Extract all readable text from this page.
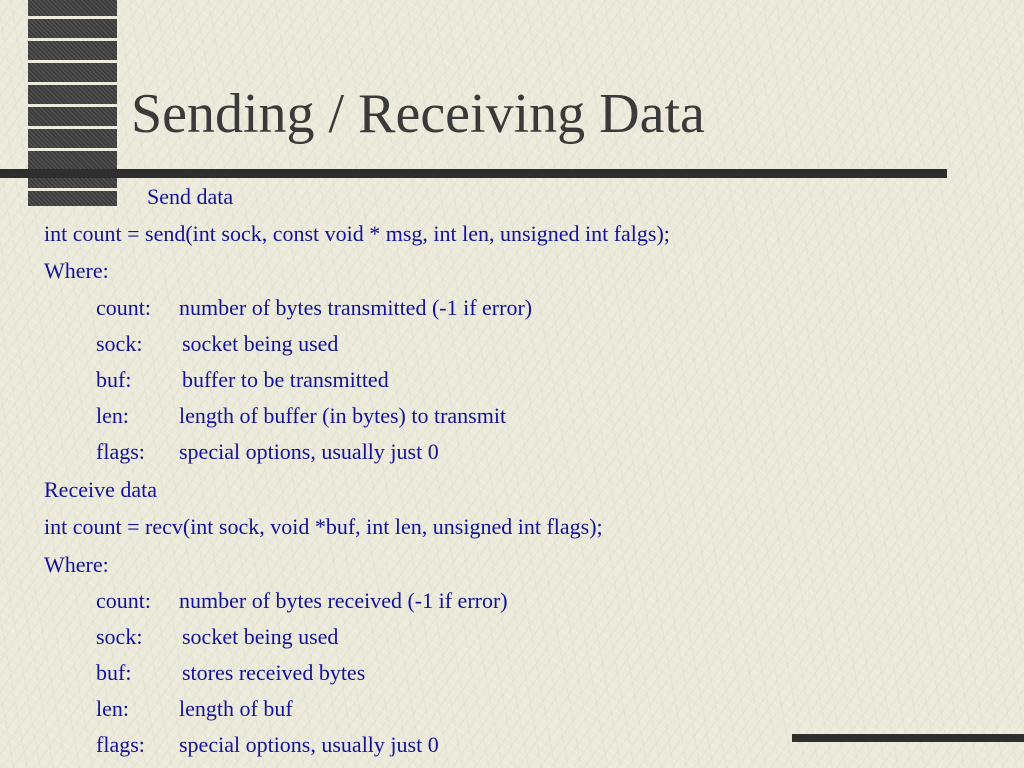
Sending / Receiving Data
Send data
int count = send(int sock, const void * msg, int len, unsigned int falgs);
Where:
count: number of bytes transmitted (-1 if error)
sock: socket being used
buf: buffer to be transmitted
len: length of buffer (in bytes) to transmit
flags: special options, usually just 0
Receive data
int count = recv(int sock, void *buf, int len, unsigned int flags);
Where:
count: number of bytes received (-1 if error)
sock: socket being used
buf: stores received bytes
len: length of buf
flags: special options, usually just 0
